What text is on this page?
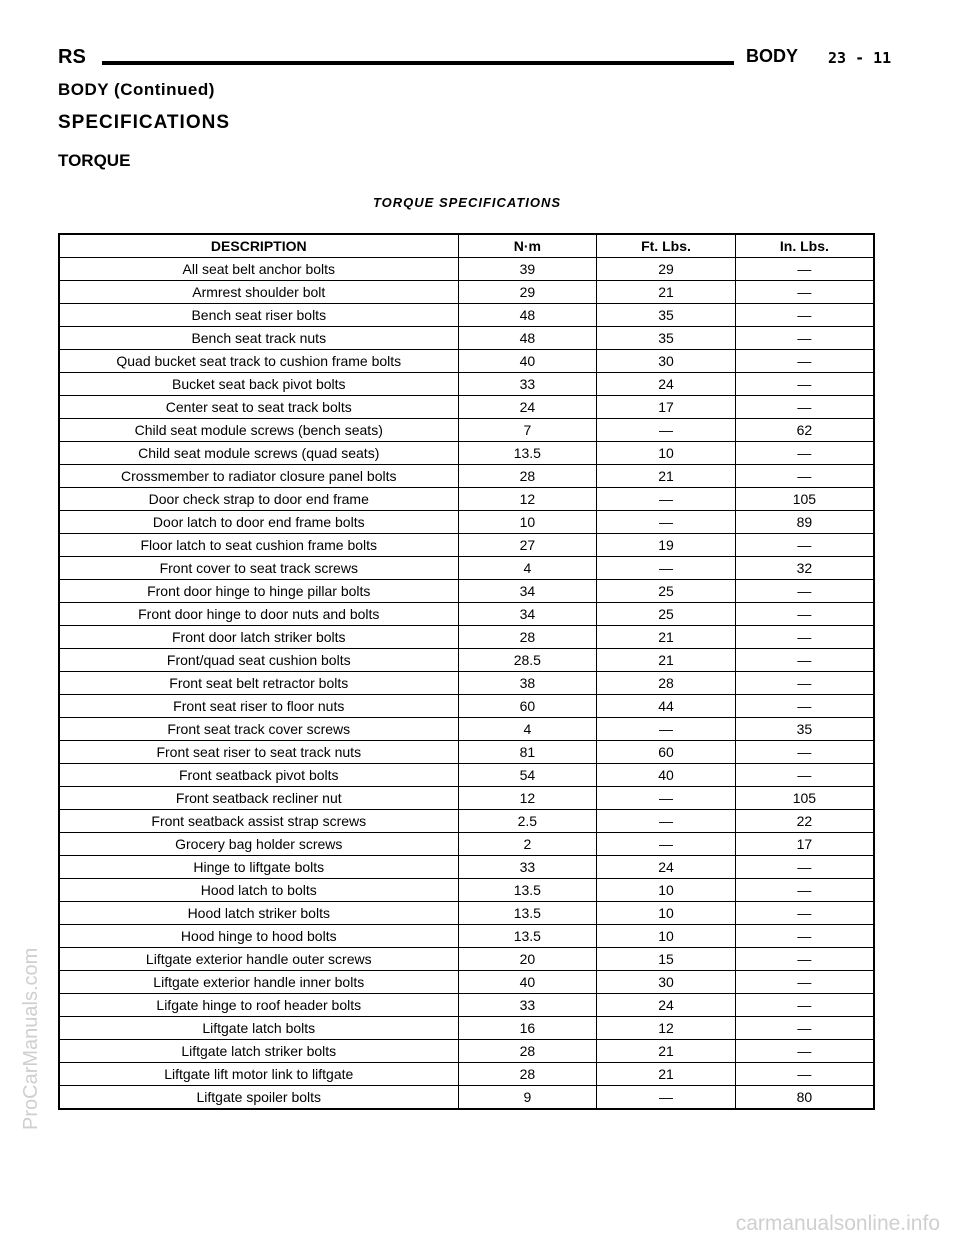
RS	BODY 23 - 11
BODY (Continued)
SPECIFICATIONS
TORQUE
TORQUE SPECIFICATIONS
DESCRIPTION	N·m	Ft. Lbs.	In. Lbs.
All seat belt anchor bolts	39	29	—
Armrest shoulder bolt	29	21	—
Bench seat riser bolts	48	35	—
Bench seat track nuts	48	35	—
Quad bucket seat track to cushion frame bolts	40	30	—
Bucket seat back pivot bolts	33	24	—
Center seat to seat track bolts	24	17	—
Child seat module screws (bench seats)	7	—	62
Child seat module screws (quad seats)	13.5	10	—
Crossmember to radiator closure panel bolts	28	21	—
Door check strap to door end frame	12	—	105
Door latch to door end frame bolts	10	—	89
Floor latch to seat cushion frame bolts	27	19	—
Front cover to seat track screws	4	—	32
Front door hinge to hinge pillar bolts	34	25	—
Front door hinge to door nuts and bolts	34	25	—
Front door latch striker bolts	28	21	—
Front/quad seat cushion bolts	28.5	21	—
Front seat belt retractor bolts	38	28	—
Front seat riser to floor nuts	60	44	—
Front seat track cover screws	4	—	35
Front seat riser to seat track nuts	81	60	—
Front seatback pivot bolts	54	40	—
Front seatback recliner nut	12	—	105
Front seatback assist strap screws	2.5	—	22
Grocery bag holder screws	2	—	17
Hinge to liftgate bolts	33	24	—
Hood latch to bolts	13.5	10	—
Hood latch striker bolts	13.5	10	—
Hood hinge to hood bolts	13.5	10	—
Liftgate exterior handle outer screws	20	15	—
Liftgate exterior handle inner bolts	40	30	—
Lifgate hinge to roof header bolts	33	24	—
Liftgate latch bolts	16	12	—
Liftgate latch striker bolts	28	21	—
Liftgate lift motor link to liftgate	28	21	—
Liftgate spoiler bolts	9	—	80
ProCarManuals.com
carmanualsonline.info
